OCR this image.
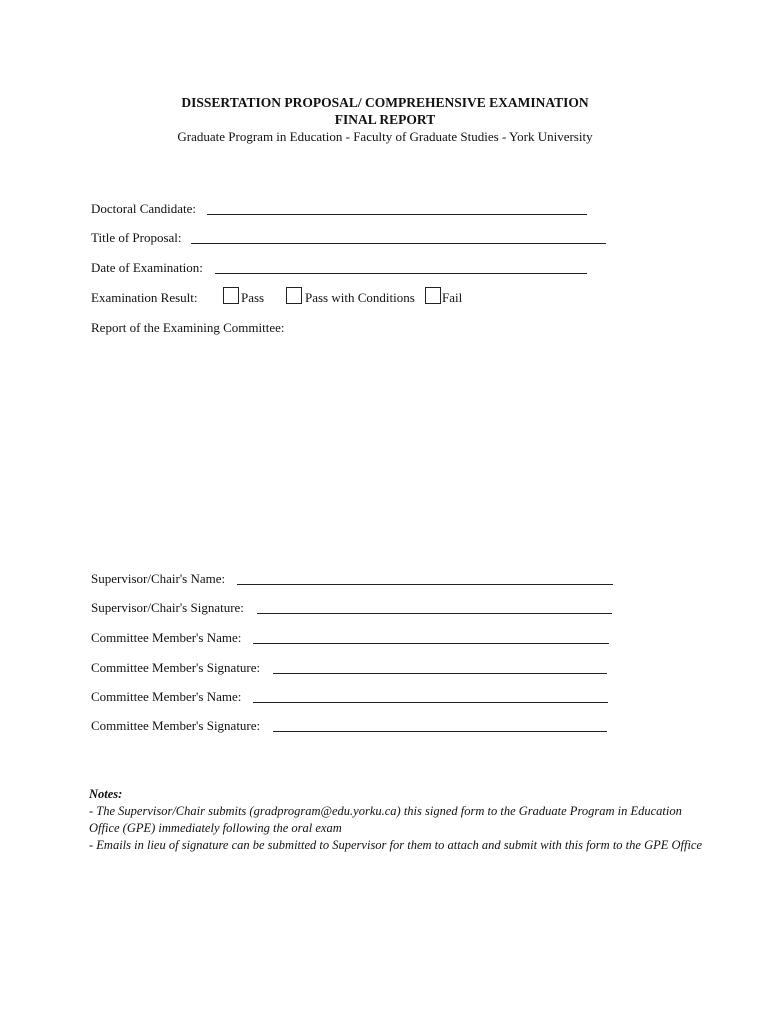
DISSERTATION PROPOSAL/ COMPREHENSIVE EXAMINATION
FINAL REPORT
Graduate Program in Education - Faculty of Graduate Studies - York University
Doctoral Candidate:
Title of Proposal:
Date of Examination:
Examination Result:	Pass	Pass with Conditions Fail
Report of the Examining Committee:
Supervisor/Chair's Name:
Supervisor/Chair's Signature:
Committee Member's Name:
Committee Member's Signature:
Committee Member's Name:
Committee Member's Signature:
Notes:
- The Supervisor/Chair submits (gradprogram@edu.yorku.ca) this signed form to the Graduate Program in Education Office (GPE) immediately following the oral exam
- Emails in lieu of signature can be submitted to Supervisor for them to attach and submit with this form to the GPE Office
